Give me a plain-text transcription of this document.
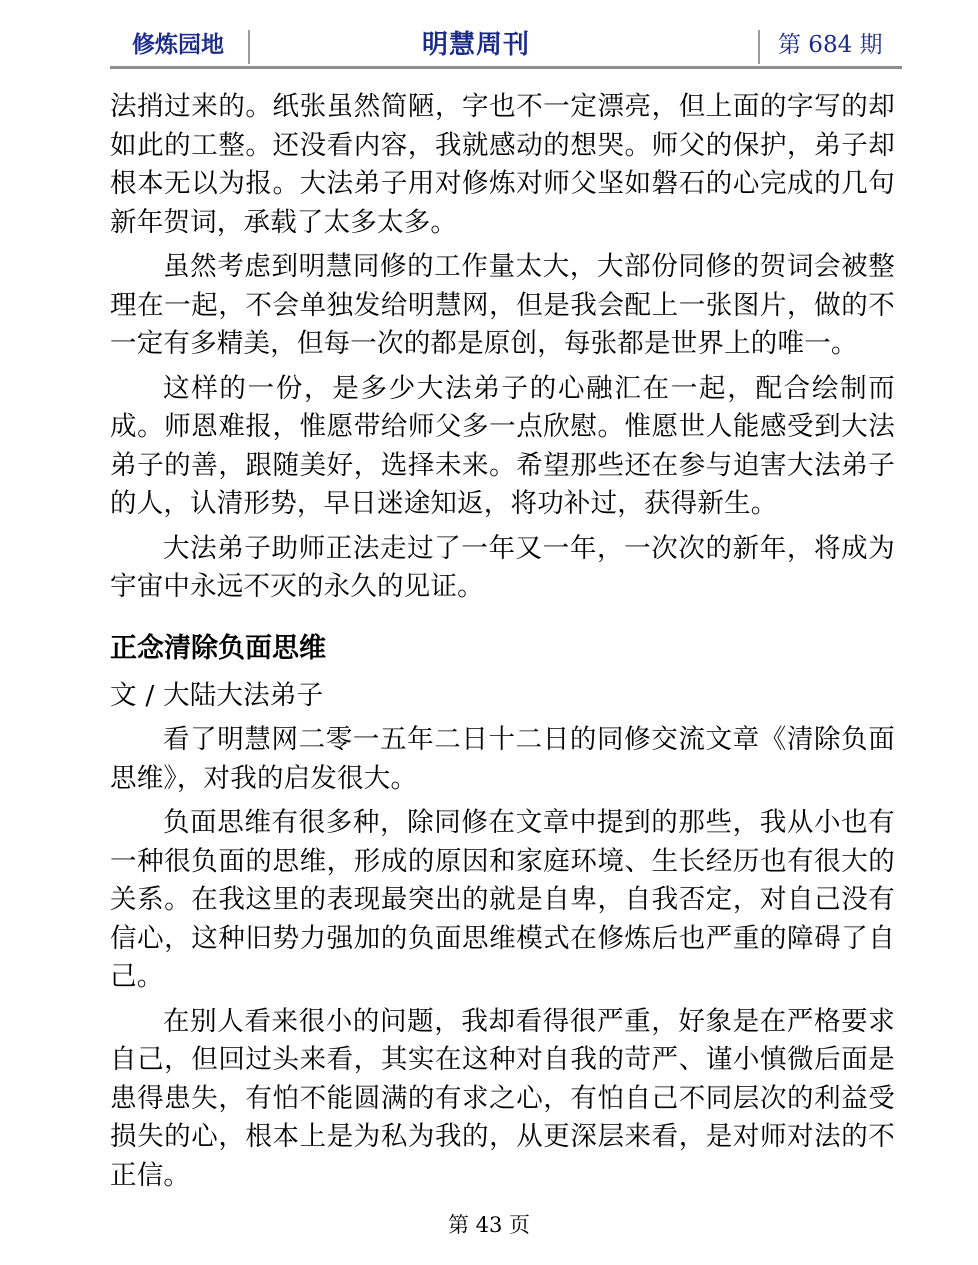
修炼园地	明慧周刊	第 684 期

法捎过来的。纸张虽然简陋，字也不一定漂亮，但上面的字写的却如此的工整。还没看内容，我就感动的想哭。师父的保护，弟子却根本无以为报。大法弟子用对修炼对师父坚如磐石的心完成的几句新年贺词，承载了太多太多。

虽然考虑到明慧同修的工作量太大，大部份同修的贺词会被整理在一起，不会单独发给明慧网，但是我会配上一张图片，做的不一定有多精美，但每一次的都是原创，每张都是世界上的唯一。

这样的一份，是多少大法弟子的心融汇在一起，配合绘制而成。师恩难报，惟愿带给师父多一点欣慰。惟愿世人能感受到大法弟子的善，跟随美好，选择未来。希望那些还在参与迫害大法弟子的人，认清形势，早日迷途知返，将功补过，获得新生。

大法弟子助师正法走过了一年又一年，一次次的新年，将成为宇宙中永远不灭的永久的见证。

正念清除负面思维

文 / 大陆大法弟子

看了明慧网二零一五年二日十二日的同修交流文章《清除负面思维》，对我的启发很大。

负面思维有很多种，除同修在文章中提到的那些，我从小也有一种很负面的思维，形成的原因和家庭环境、生长经历也有很大的关系。在我这里的表现最突出的就是自卑，自我否定，对自己没有信心，这种旧势力强加的负面思维模式在修炼后也严重的障碍了自己。

在别人看来很小的问题，我却看得很严重，好象是在严格要求自己，但回过头来看，其实在这种对自我的苛严、谨小慎微后面是患得患失，有怕不能圆满的有求之心，有怕自己不同层次的利益受损失的心，根本上是为私为我的，从更深层来看，是对师对法的不正信。

第 43 页
